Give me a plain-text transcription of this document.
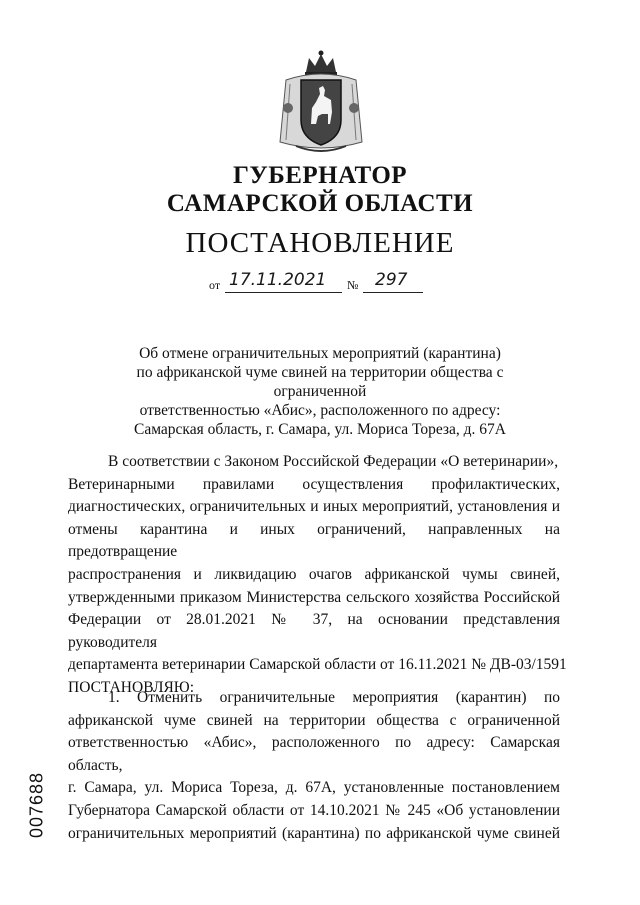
ГУБЕРНАТОР
САМАРСКОЙ ОБЛАСТИ
ПОСТАНОВЛЕНИЕ
от 17.11.2021 № 297
Об отмене ограничительных мероприятий (карантина)
по африканской чуме свиней на территории общества с ограниченной
ответственностью «Абис», расположенного по адресу:
Самарская область, г. Самара, ул. Мориса Тореза, д. 67А
В соответствии с Законом Российской Федерации «О ветеринарии»,
Ветеринарными правилами осуществления профилактических,
диагностических, ограничительных и иных мероприятий, установления и
отмены карантина и иных ограничений, направленных на предотвращение
распространения и ликвидацию очагов африканской чумы свиней,
утвержденными приказом Министерства сельского хозяйства Российской
Федерации от 28.01.2021 № 37, на основании представления руководителя
департамента ветеринарии Самарской области от 16.11.2021 № ДВ-03/1591
ПОСТАНОВЛЯЮ:
1. Отменить ограничительные мероприятия (карантин) по
африканской чуме свиней на территории общества с ограниченной
ответственностью «Абис», расположенного по адресу: Самарская область,
г. Самара, ул. Мориса Тореза, д. 67А, установленные постановлением
Губернатора Самарской области от 14.10.2021 № 245 «Об установлении
ограничительных мероприятий (карантина) по африканской чуме свиней
007688
